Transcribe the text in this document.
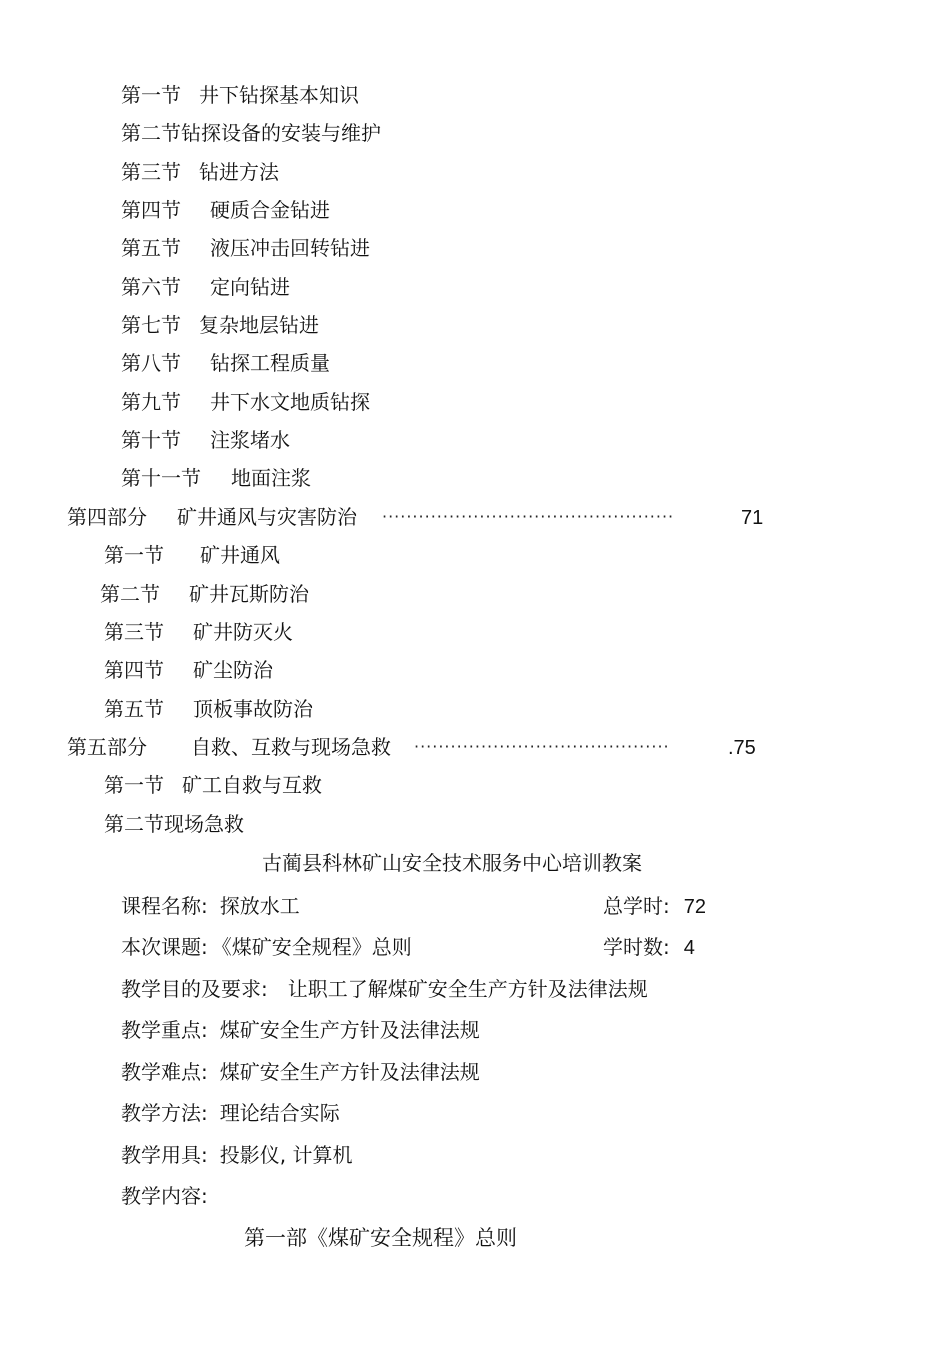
第一节 井下钻探基本知识
第二节钻探设备的安装与维护
第三节 钻进方法
第四节 硬质合金钻进
第五节 液压冲击回转钻进
第六节 定向钻进
第七节 复杂地层钻进
第八节 钻探工程质量
第九节 井下水文地质钻探
第十节 注浆堵水
第十一节 地面注浆
第四部分 矿井通风与灾害防治 ················································	71
第一节 矿井通风
第二节 矿井瓦斯防治
第三节 矿井防灭火
第四节 矿尘防治
第五节 顶板事故防治
第五部分 自救、互救与现场急救 ··········································	.75
第一节 矿工自救与互救
第二节现场急救
古蔺县科林矿山安全技术服务中心培训教案
课程名称: 探放水工	总学时: 72
本次课题: 《煤矿安全规程》总则	学时数: 4
教学目的及要求: 让职工了解煤矿安全生产方针及法律法规
教学重点: 煤矿安全生产方针及法律法规
教学难点: 煤矿安全生产方针及法律法规
教学方法: 理论结合实际
教学用具: 投影仪, 计算机
教学内容:
第一部《煤矿安全规程》总则
